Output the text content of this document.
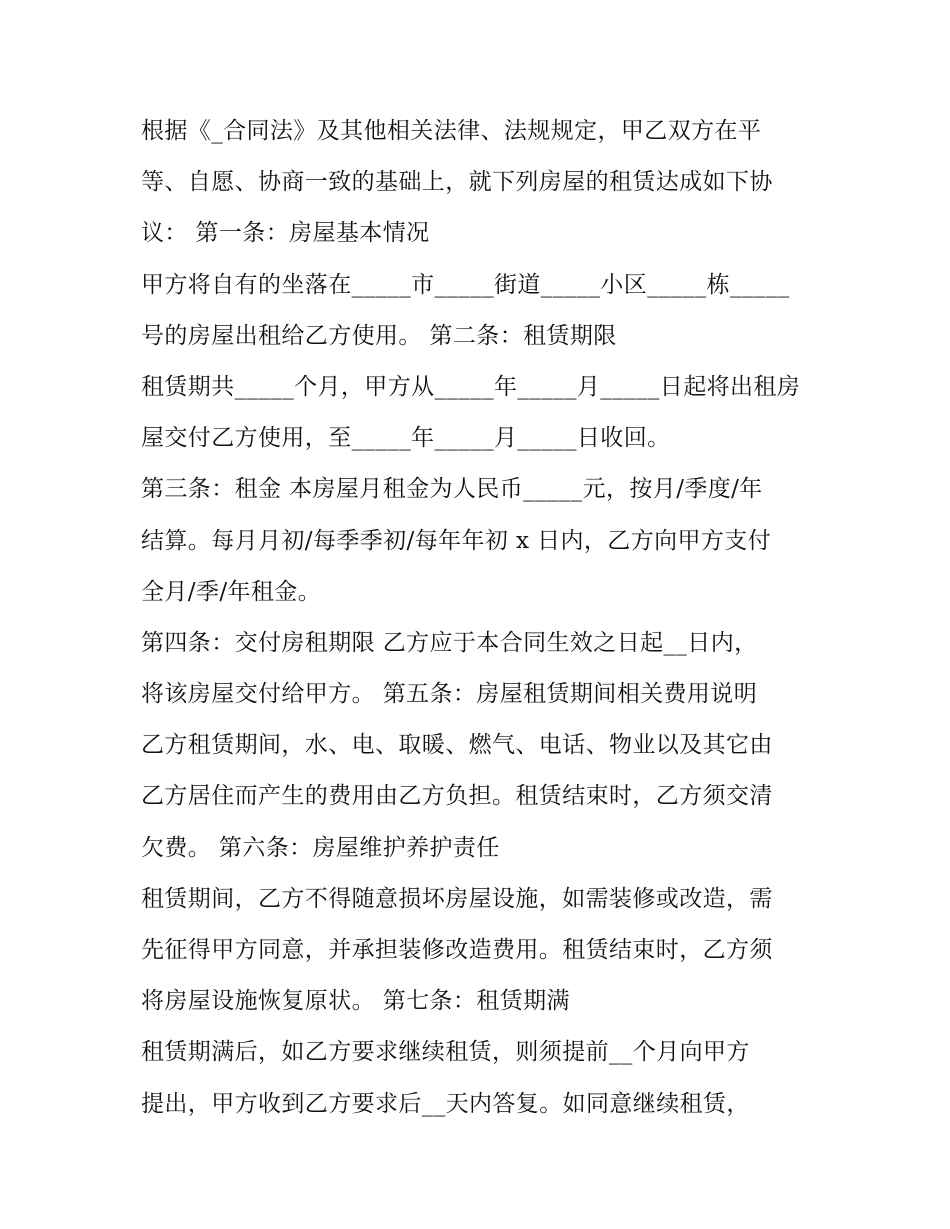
根据《_合同法》及其他相关法律、法规规定，甲乙双方在平
等、自愿、协商一致的基础上，就下列房屋的租赁达成如下协
议： 第一条：房屋基本情况
甲方将自有的坐落在_____市_____街道_____小区_____栋_____
号的房屋出租给乙方使用。 第二条：租赁期限
租赁期共_____个月，甲方从_____年_____月_____日起将出租房
屋交付乙方使用，至_____年_____月_____日收回。
第三条：租金 本房屋月租金为人民币_____元，按月/季度/年
结算。每月月初/每季季初/每年年初 x 日内，乙方向甲方支付
全月/季/年租金。
第四条：交付房租期限 乙方应于本合同生效之日起__日内，
将该房屋交付给甲方。 第五条：房屋租赁期间相关费用说明
乙方租赁期间，水、电、取暖、燃气、电话、物业以及其它由
乙方居住而产生的费用由乙方负担。租赁结束时，乙方须交清
欠费。 第六条：房屋维护养护责任
租赁期间，乙方不得随意损坏房屋设施，如需装修或改造，需
先征得甲方同意，并承担装修改造费用。租赁结束时，乙方须
将房屋设施恢复原状。 第七条：租赁期满
租赁期满后，如乙方要求继续租赁，则须提前__个月向甲方
提出，甲方收到乙方要求后__天内答复。如同意继续租赁，
